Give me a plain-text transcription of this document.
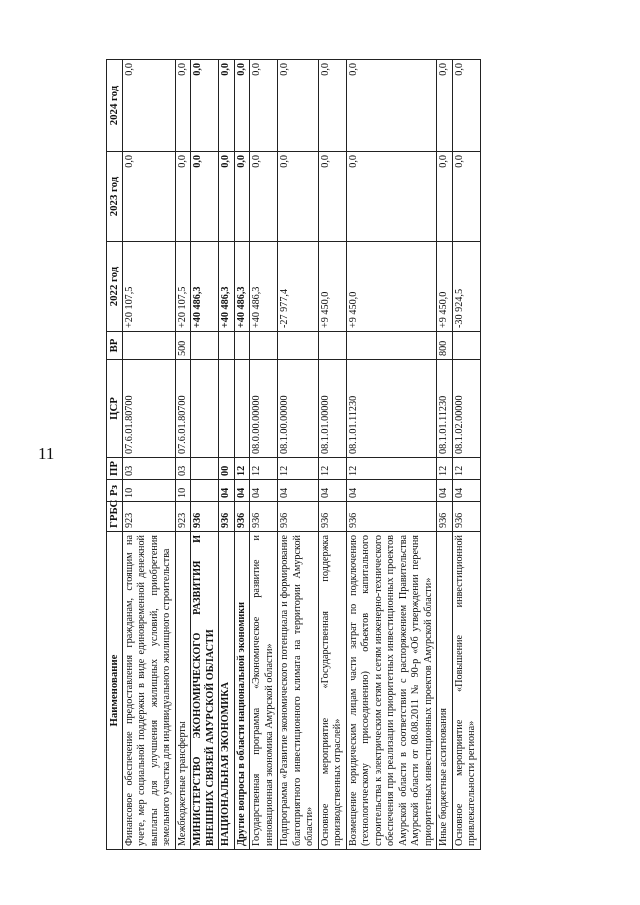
11
Наименование	ГРБС	Рз	ПР	ЦСР	ВР	2022 год	2023 год	2024 год
Финансовое обеспечение предоставления гражданам, стоящим на учете, мер социальной поддержки в виде единовременной денежной выплаты для улучшения жилищных условий, приобретения земельного участка для индивидуального жилищного строительства	923	10	03	07.6.01.80700		+20 107,5	0,0	0,0
Межбюджетные трансферты	923	10	03	07.6.01.80700	500	+20 107,5	0,0	0,0
МИНИСТЕРСТВО ЭКОНОМИЧЕСКОГО РАЗВИТИЯ И ВНЕШНИХ СВЯЗЕЙ АМУРСКОЙ ОБЛАСТИ	936					+40 486,3	0,0	0,0
НАЦИОНАЛЬНАЯ ЭКОНОМИКА	936	04	00			+40 486,3	0,0	0,0
Другие вопросы в области национальной экономики	936	04	12			+40 486,3	0,0	0,0
Государственная программа «Экономическое развитие и инновационная экономика Амурской области»	936	04	12	08.0.00.00000		+40 486,3	0,0	0,0
Подпрограмма «Развитие экономического потенциала и формирование благоприятного инвестиционного климата на территории Амурской области»	936	04	12	08.1.00.00000		-27 977,4	0,0	0,0
Основное мероприятие «Государственная поддержка производственных отраслей»	936	04	12	08.1.01.00000		+9 450,0	0,0	0,0
Возмещение юридическим лицам части затрат по подключению (технологическому присоединению) объектов капитального строительства к электрическим сетям и сетям инженерно-технического обеспечения при реализации приоритетных инвестиционных проектов Амурской области в соответствии с распоряжением Правительства Амурской области от 08.08.2011 № 90-р «Об утверждении перечня приоритетных инвестиционных проектов Амурской области»	936	04	12	08.1.01.11230		+9 450,0	0,0	0,0
Иные бюджетные ассигнования	936	04	12	08.1.01.11230	800	+9 450,0	0,0	0,0
Основное мероприятие «Повышение инвестиционной привлекательности региона»	936	04	12	08.1.02.00000		-30 924,5	0,0	0,0
